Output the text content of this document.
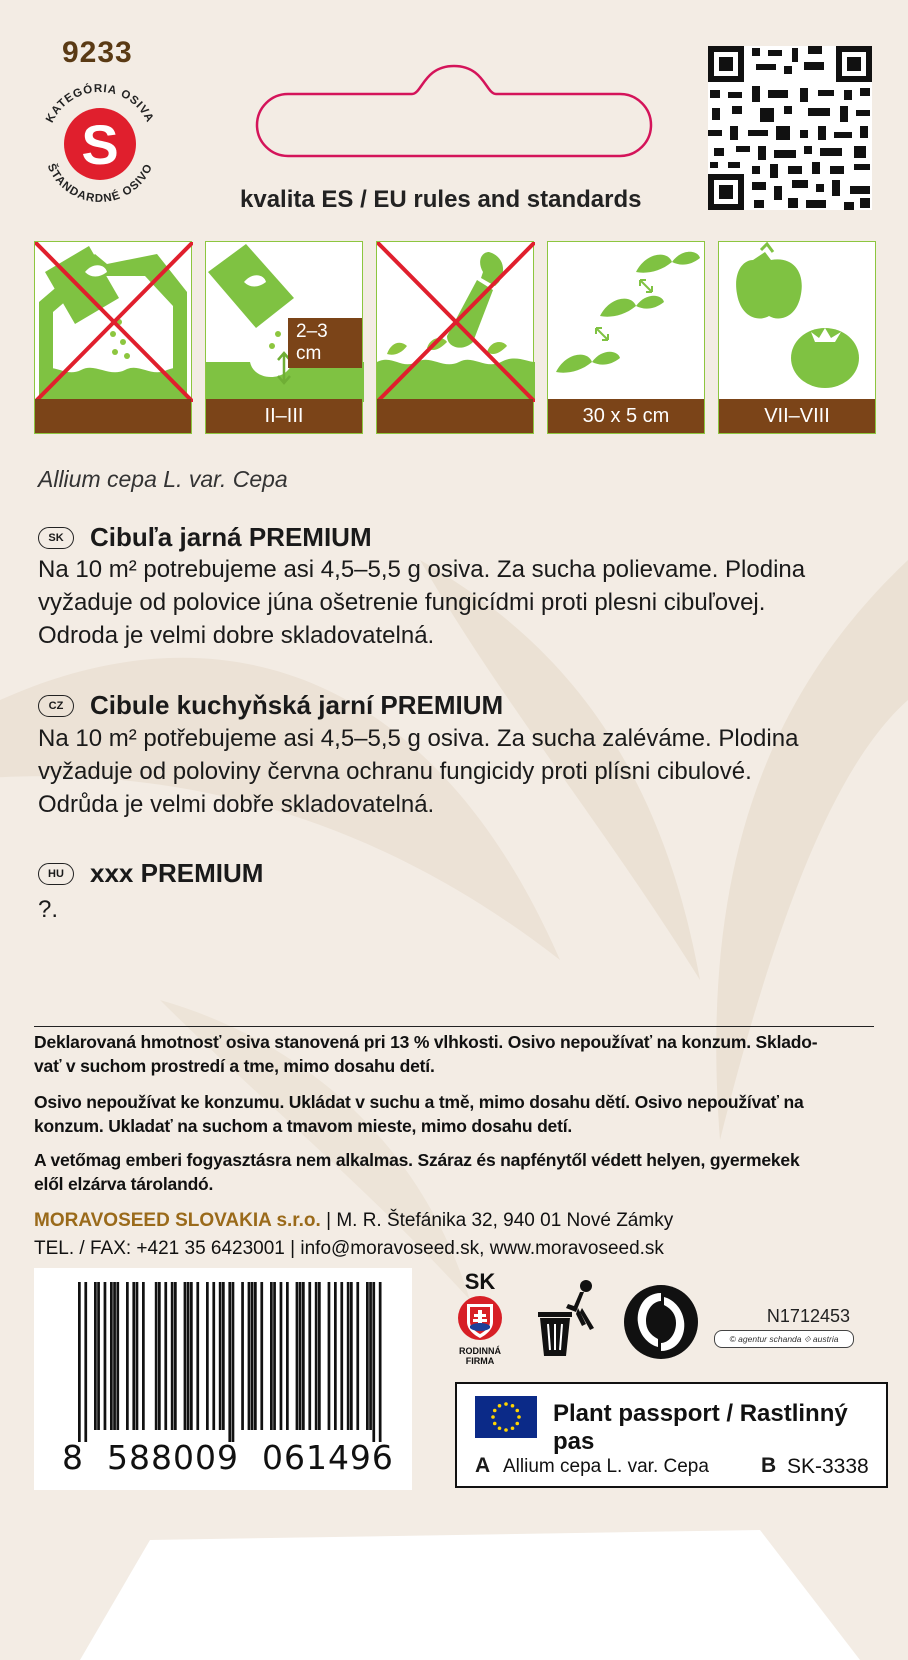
9233
KATEGÓRIA OSIVA
ŠTANDARDNÉ OSIVO
S
kvalita ES / EU rules and standards
2–3 cm
II–III	30 x 5 cm	VII–VIII
Allium cepa L. var. Cepa
SK	Cibuľa jarná PREMIUM
Na 10 m² potrebujeme asi 4,5–5,5 g osiva. Za sucha polievame. Plodina
vyžaduje od polovice júna ošetrenie fungicídmi proti plesni cibuľovej.
Odroda je velmi dobre skladovatelná.
CZ	Cibule kuchyňská jarní PREMIUM
Na 10 m² potřebujeme asi 4,5–5,5 g osiva. Za sucha zaléváme. Plodina
vyžaduje od poloviny června ochranu fungicidy proti plísni cibulové.
Odrůda je velmi dobře skladovatelná.
HU	xxx PREMIUM
?.
Deklarovaná hmotnosť osiva stanovená pri 13 % vlhkosti. Osivo nepoužívať na konzum. Sklado-
vať v suchom prostredí a tme, mimo dosahu detí.
Osivo nepoužívat ke konzumu. Ukládat v suchu a tmě, mimo dosahu dětí. Osivo nepoužívať na
konzum. Ukladať na suchom a tmavom mieste, mimo dosahu detí.
A vetőmag emberi fogyasztásra nem alkalmas. Száraz és napfénytől védett helyen, gyermekek
elől elzárva tárolandó.
MORAVOSEED SLOVAKIA s.r.o. | M. R. Štefánika 32, 940 01 Nové Zámky
TEL. / FAX: +421 35 6423001 | info@moravoseed.sk, www.moravoseed.sk
8 588009 061496
SK
RODINNÁ
FIRMA
N1712453
© agentur schanda ⟐ austria
Plant passport / Rastlinný pas
A Allium cepa L. var. Cepa B SK-3338
